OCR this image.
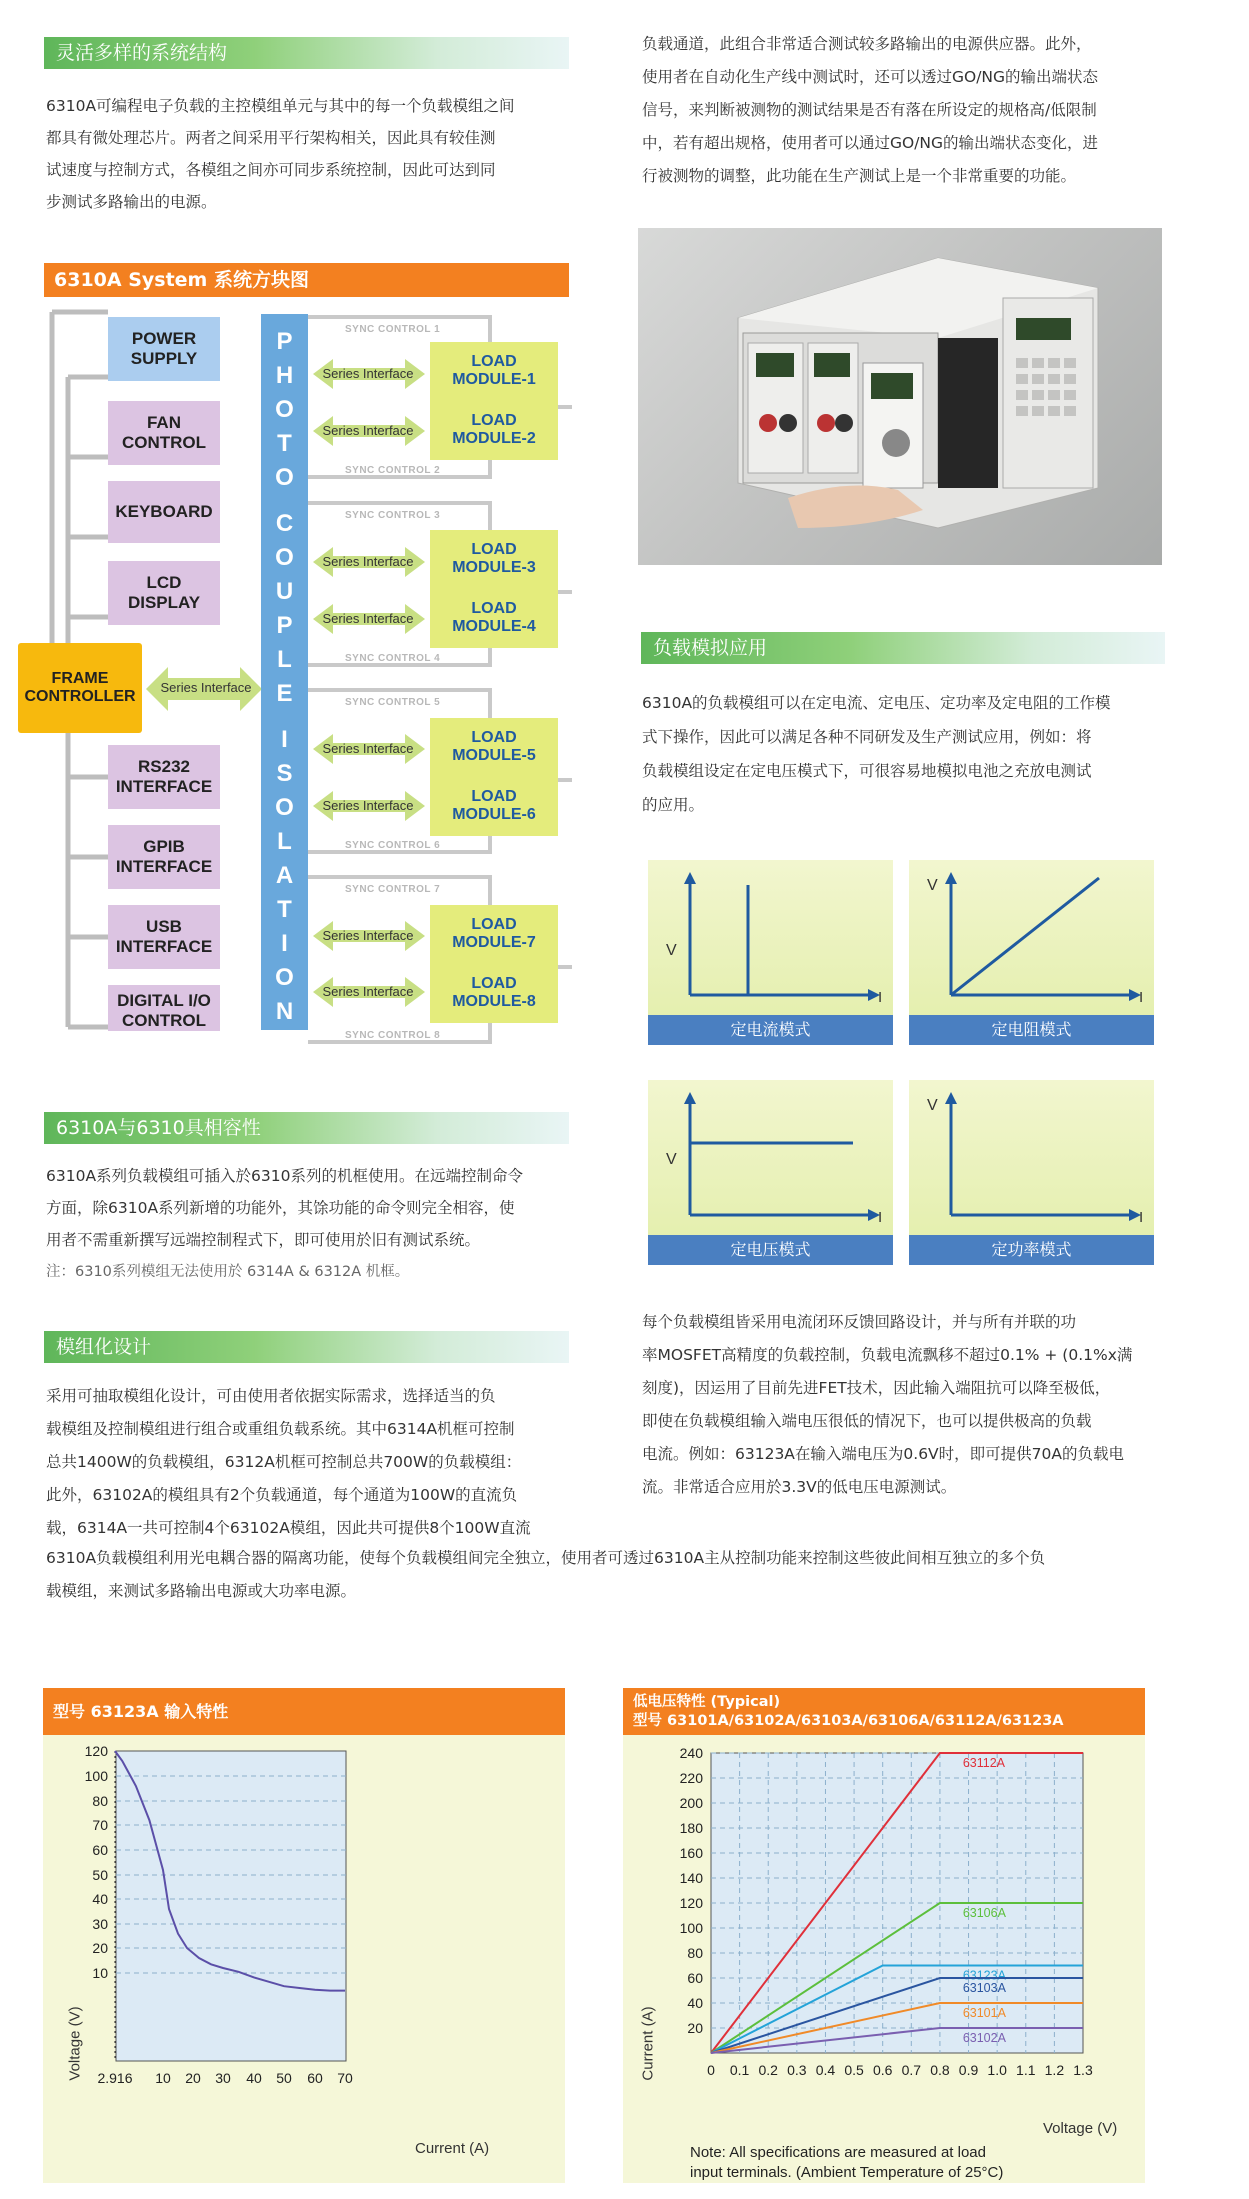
灵活多样的系统结构

6310A可编程电子负载的主控模组单元与其中的每一个负载模组之间

都具有微处理芯片。两者之间采用平行架构相关，因此具有较佳测

试速度与控制方式，各模组之间亦可同步系统控制，因此可达到同

步测试多路输出的电源。

6310A System 系统方块图
POWER
SUPPLY
FAN
CONTROL
KEYBOARD
LCD
DISPLAY
RS232
INTERFACE
GPIB
INTERFACE
USB
INTERFACE
DIGITAL I/O
CONTROL
FRAME
CONTROLLER
Series Interface
P
H
O
T
O
C
O
U
P
L
E
I
S
O
L
A
T
I
O
N
Series Interface
Series Interface
Series Interface
Series Interface
Series Interface
Series Interface
Series Interface
Series Interface
LOAD
MODULE-1
LOAD
MODULE-2
LOAD
MODULE-3
LOAD
MODULE-4
LOAD
MODULE-5
LOAD
MODULE-6
LOAD
MODULE-7
LOAD
MODULE-8
SYNC CONTROL 1
SYNC CONTROL 2
SYNC CONTROL 3
SYNC CONTROL 4
SYNC CONTROL 5
SYNC CONTROL 6
SYNC CONTROL 7
SYNC CONTROL 8
6310A与6310具相容性

6310A系列负载模组可插入於6310系列的机框使用。在远端控制命令

方面，除6310A系列新增的功能外，其馀功能的命令则完全相容，使

用者不需重新撰写远端控制程式下，即可使用於旧有测试系统。

注：6310系列模组无法使用於 6314A & 6312A 机框。

模组化设计

采用可抽取模组化设计，可由使用者依据实际需求，选择适当的负

载模组及控制模组进行组合或重组负载系统。其中6314A机框可控制

总共1400W的负载模组，6312A机框可控制总共700W的负载模组：

此外，63102A的模组具有2个负载通道，每个通道为100W的直流负

载，6314A一共可控制4个63102A模组，因此共可提供8个100W直流

负载通道，此组合非常适合测试较多路输出的电源供应器。此外，

使用者在自动化生产线中测试时，还可以透过GO/NG的输出端状态

信号，来判断被测物的测试结果是否有落在所设定的规格高/低限制

中，若有超出规格，使用者可以通过GO/NG的输出端状态变化，进

行被测物的调整，此功能在生产测试上是一个非常重要的功能。

负载模拟应用

6310A的负载模组可以在定电流、定电压、定功率及定电阻的工作模

式下操作，因此可以满足各种不同研发及生产测试应用，例如：将

负载模组设定在定电压模式下，可很容易地模拟电池之充放电测试

的应用。

V
I
定电流模式
V
I
定电阻模式
V
I
定电压模式
V
I
定功率模式

每个负载模组皆采用电流闭环反馈回路设计，并与所有并联的功

率MOSFET高精度的负载控制，负载电流飘移不超过0.1% + (0.1%x满

刻度)，因运用了目前先进FET技术，因此输入端阻抗可以降至极低，

即使在负载模组输入端电压很低的情况下，也可以提供极高的负载

电流。例如：63123A在输入端电压为0.6V时，即可提供70A的负载电

流。非常适合应用於3.3V的低电压电源测试。

6310A负载模组利用光电耦合器的隔离功能，使每个负载模组间完全独立，使用者可透过6310A主从控制功能来控制这些彼此间相互独立的多个负

载模组，来测试多路输出电源或大功率电源。

型号 63123A 输入特性
120
100
80
70
60
50
40
30
20
10
2.916 10 20 30 40 50 60 70
Current (A)
Voltage (V)
低电压特性 (Typical)
型号 63101A/63102A/63103A/63106A/63112A/63123A
240
220
200
180
160
140
120
100
80
60
40
20
0 0.1 0.2 0.3 0.4 0.5 0.6 0.7 0.8 0.9 1.0 1.1 1.2 1.3
63112A
63106A
63123A
63103A
63101A
63102A
Voltage (V)
Current (A)
Note: All specifications are measured at load
input terminals. (Ambient Temperature of 25°C)
